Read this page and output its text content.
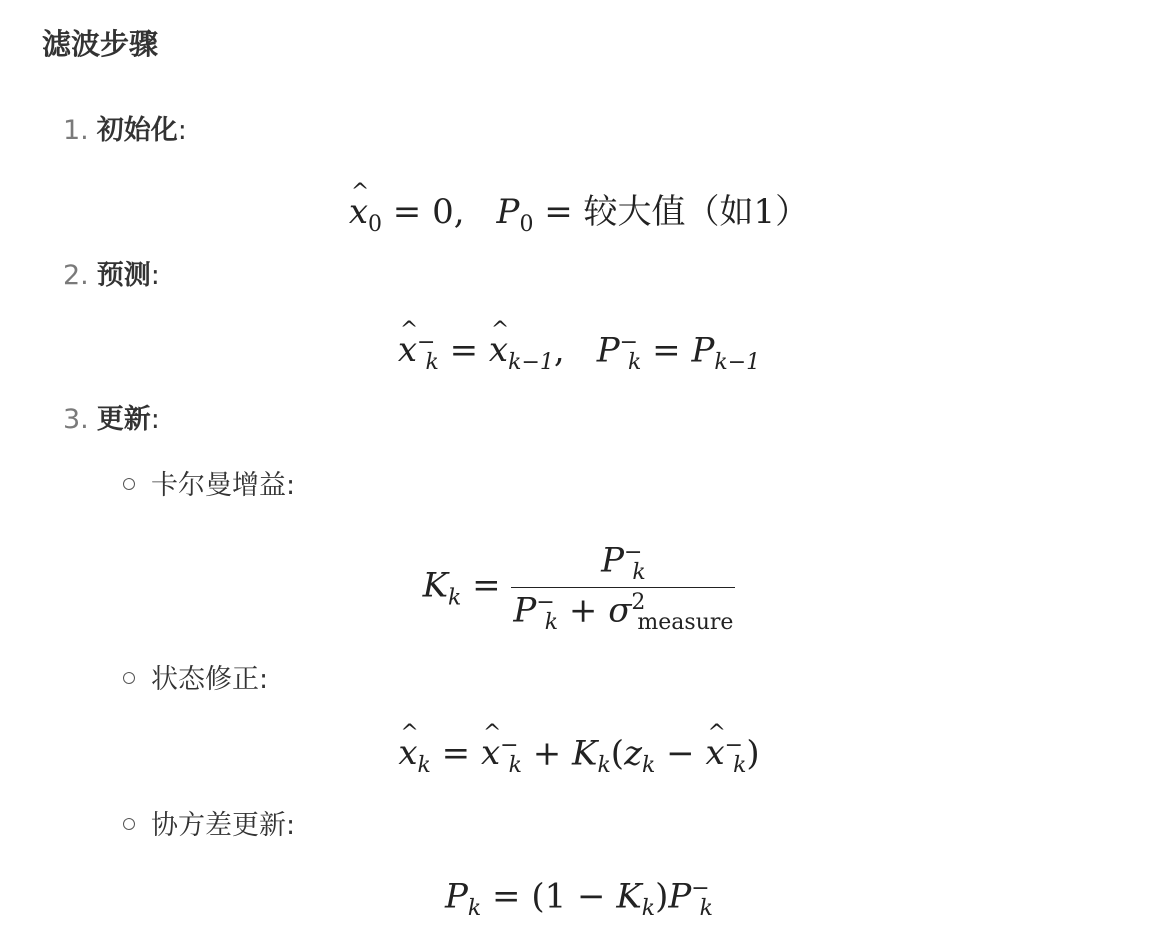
滤波步骤
1. 初始化:
^ $x_0 = 0$, $P_0$ = 较大值（如1）
2. 预测:
^ $x^-_k$ = ^ $x_{k-1}$, $P^-_k = P_{k-1}$
3. 更新:
卡尔曼增益:
$K_k = \frac{P^-_k}{P^-_k + \sigma^2_{measure}}$
状态修正:
^ $x_k$ = ^ $x^-_k + K_k(z_k$ − ^ $x^-_k$)
协方差更新:
$P_k = (1 - K_k)P^-_k$
